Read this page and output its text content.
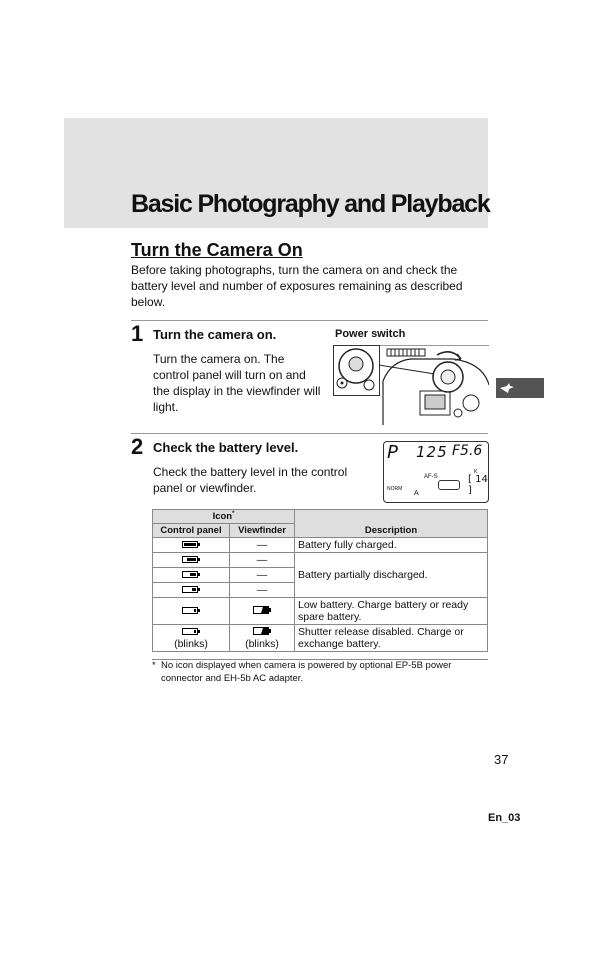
Basic Photography and Playback
Turn the Camera On
Before taking photographs, turn the camera on and check the battery level and number of exposures remaining as described below.
1 Turn the camera on.
Turn the camera on. The control panel will turn on and the display in the viewfinder will light.
Power switch
2 Check the battery level.
Check the battery level in the control panel or viewfinder.
P 125 F5.6
AF-S	[ 14 ]
K
NORM
A
Icon*		Description
Control panel	Viewfinder	
	—	Battery fully charged.
	—	Battery partially discharged.
	—	
	—	
		Low battery. Charge battery or ready spare battery.

(blinks)	(blinks)	Shutter release disabled. Charge or exchange battery.
* No icon displayed when camera is powered by optional EP-5B power connector and EH-5b AC adapter.
37
En_03
